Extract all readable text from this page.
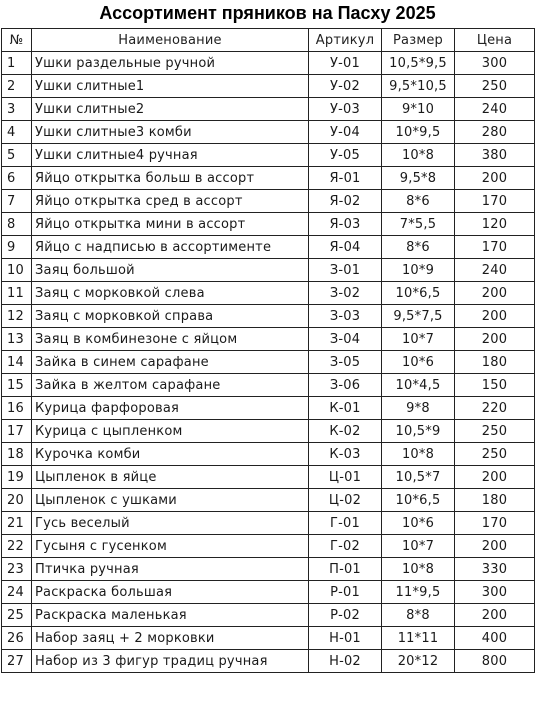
Ассортимент пряников на Пасху 2025
№	Наименование	Артикул	Размер	Цена
1	Ушки раздельные ручной	У-01	10,5*9,5	300
2	Ушки слитные1	У-02	9,5*10,5	250
3	Ушки слитные2	У-03	9*10	240
4	Ушки слитные3 комби	У-04	10*9,5	280
5	Ушки слитные4 ручная	У-05	10*8	380
6	Яйцо открытка больш в ассорт	Я-01	9,5*8	200
7	Яйцо открытка сред в ассорт	Я-02	8*6	170
8	Яйцо открытка мини в ассорт	Я-03	7*5,5	120
9	Яйцо с надписью в ассортименте	Я-04	8*6	170
10	Заяц большой	З-01	10*9	240
11	Заяц с морковкой слева	З-02	10*6,5	200
12	Заяц с морковкой справа	З-03	9,5*7,5	200
13	Заяц в комбинезоне с яйцом	З-04	10*7	200
14	Зайка в синем сарафане	З-05	10*6	180
15	Зайка в желтом сарафане	З-06	10*4,5	150
16	Курица фарфоровая	К-01	9*8	220
17	Курица с цыпленком	К-02	10,5*9	250
18	Курочка комби	К-03	10*8	250
19	Цыпленок в яйце	Ц-01	10,5*7	200
20	Цыпленок с ушками	Ц-02	10*6,5	180
21	Гусь веселый	Г-01	10*6	170
22	Гусыня с гусенком	Г-02	10*7	200
23	Птичка ручная	П-01	10*8	330
24	Раскраска большая	Р-01	11*9,5	300
25	Раскраска маленькая	Р-02	8*8	200
26	Набор заяц + 2 морковки	Н-01	11*11	400
27	Набор из 3 фигур традиц ручная	Н-02	20*12	800
